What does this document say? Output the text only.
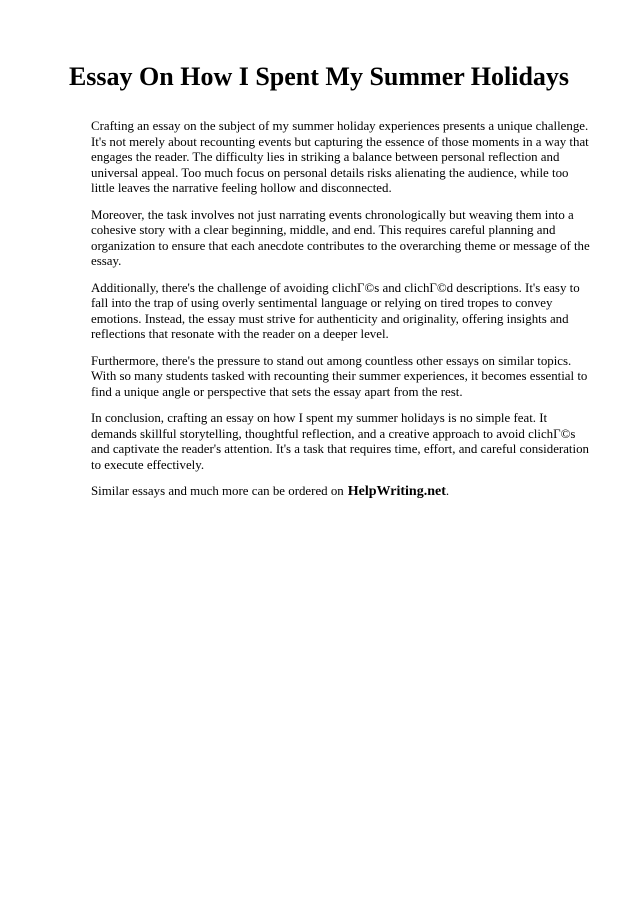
Essay On How I Spent My Summer Holidays

Crafting an essay on the subject of my summer holiday experiences presents a unique challenge. It's not merely about recounting events but capturing the essence of those moments in a way that engages the reader. The difficulty lies in striking a balance between personal reflection and universal appeal. Too much focus on personal details risks alienating the audience, while too little leaves the narrative feeling hollow and disconnected.

Moreover, the task involves not just narrating events chronologically but weaving them into a cohesive story with a clear beginning, middle, and end. This requires careful planning and organization to ensure that each anecdote contributes to the overarching theme or message of the essay.

Additionally, there's the challenge of avoiding clichГ©s and clichГ©d descriptions. It's easy to fall into the trap of using overly sentimental language or relying on tired tropes to convey emotions. Instead, the essay must strive for authenticity and originality, offering insights and reflections that resonate with the reader on a deeper level.

Furthermore, there's the pressure to stand out among countless other essays on similar topics. With so many students tasked with recounting their summer experiences, it becomes essential to find a unique angle or perspective that sets the essay apart from the rest.

In conclusion, crafting an essay on how I spent my summer holidays is no simple feat. It demands skillful storytelling, thoughtful reflection, and a creative approach to avoid clichГ©s and captivate the reader's attention. It's a task that requires time, effort, and careful consideration to execute effectively.

Similar essays and much more can be ordered on HelpWriting.net.
